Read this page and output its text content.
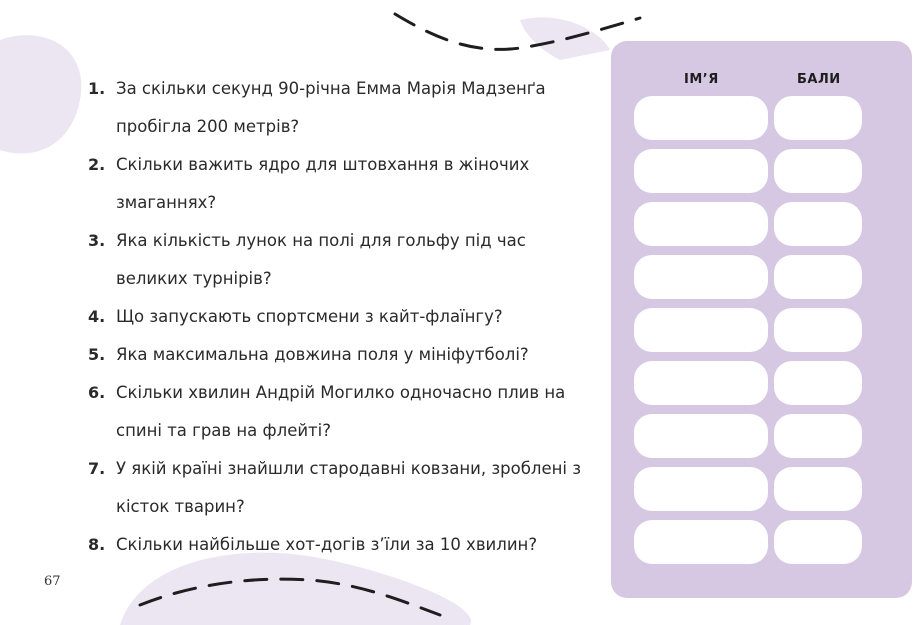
1. За скільки секунд 90-річна Емма Марія Мадзенґа пробігла 200 метрів?
2. Скільки важить ядро для штовхання в жіночих змаганнях?
3. Яка кількість лунок на полі для гольфу під час великих турнірів?
4. Що запускають спортсмени з кайт-флаїнгу?
5. Яка максимальна довжина поля у мініфутболі?
6. Скільки хвилин Андрій Могилко одночасно плив на спині та грав на флейті?
7. У якій країні знайшли стародавні ковзани, зроблені з кісток тварин?
8. Скільки найбільше хот-догів з’їли за 10 хвилин?
ІМ’Я	БАЛИ
67
